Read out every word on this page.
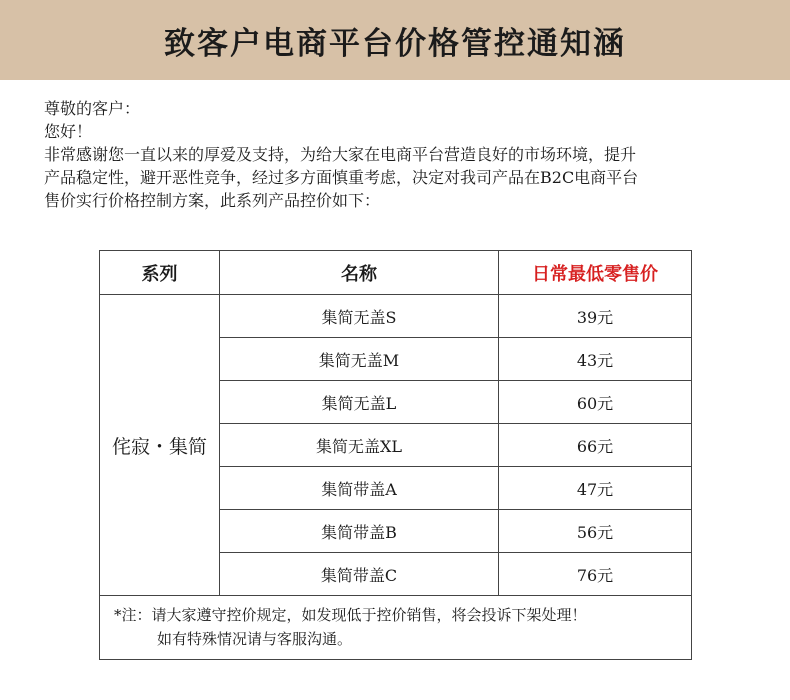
致客户电商平台价格管控通知涵

尊敬的客户：

您好！

非常感谢您一直以来的厚爱及支持，为给大家在电商平台营造良好的市场环境，提升

产品稳定性，避开恶性竞争，经过多方面慎重考虑，决定对我司产品在B2C电商平台

售价实行价格控制方案，此系列产品控价如下：

系列	名称	日常最低零售价
侘寂・集简	集简无盖S	39元
	集简无盖M	43元
	集简无盖L	60元
	集简无盖XL	66元
	集简带盖A	47元
	集简带盖B	56元
	集简带盖C	76元
*注：请大家遵守控价规定，如发现低于控价销售，将会投诉下架处理！
如有特殊情况请与客服沟通。		
